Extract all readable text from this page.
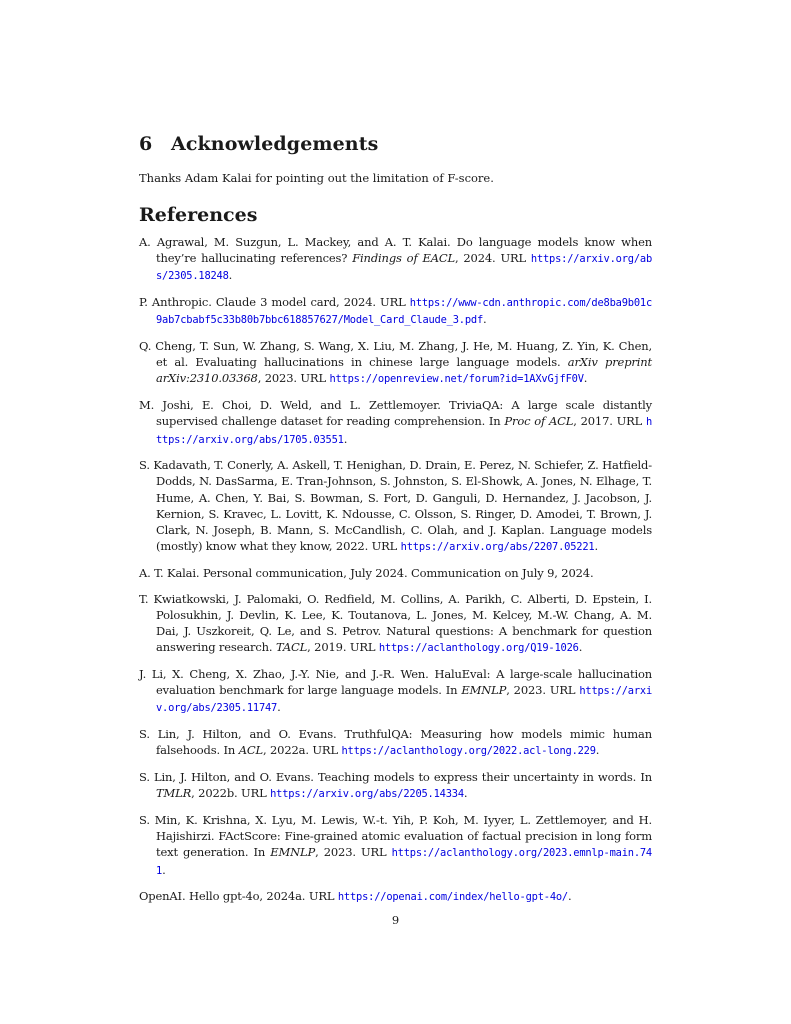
6 Acknowledgements

Thanks Adam Kalai for pointing out the limitation of F-score.

References
A. Agrawal, M. Suzgun, L. Mackey, and A. T. Kalai. Do language models know when they’re hallucinating references? Findings of EACL, 2024. URL https://arxiv.org/abs/2305.18248.
P. Anthropic. Claude 3 model card, 2024. URL https://www-cdn.anthropic.com/de8ba9b01c9ab7cbabf5c33b80b7bbc618857627/Model_Card_Claude_3.pdf.
Q. Cheng, T. Sun, W. Zhang, S. Wang, X. Liu, M. Zhang, J. He, M. Huang, Z. Yin, K. Chen, et al. Evaluating hallucinations in chinese large language models. arXiv preprint arXiv:2310.03368, 2023. URL https://openreview.net/forum?id=1AXvGjfF0V.
M. Joshi, E. Choi, D. Weld, and L. Zettlemoyer. TriviaQA: A large scale distantly supervised challenge dataset for reading comprehension. In Proc of ACL, 2017. URL https://arxiv.org/abs/1705.03551.
S. Kadavath, T. Conerly, A. Askell, T. Henighan, D. Drain, E. Perez, N. Schiefer, Z. Hatfield-Dodds, N. DasSarma, E. Tran-Johnson, S. Johnston, S. El-Showk, A. Jones, N. Elhage, T. Hume, A. Chen, Y. Bai, S. Bowman, S. Fort, D. Ganguli, D. Hernandez, J. Jacobson, J. Kernion, S. Kravec, L. Lovitt, K. Ndousse, C. Olsson, S. Ringer, D. Amodei, T. Brown, J. Clark, N. Joseph, B. Mann, S. McCandlish, C. Olah, and J. Kaplan. Language models (mostly) know what they know, 2022. URL https://arxiv.org/abs/2207.05221.
A. T. Kalai. Personal communication, July 2024. Communication on July 9, 2024.
T. Kwiatkowski, J. Palomaki, O. Redfield, M. Collins, A. Parikh, C. Alberti, D. Epstein, I. Polosukhin, J. Devlin, K. Lee, K. Toutanova, L. Jones, M. Kelcey, M.-W. Chang, A. M. Dai, J. Uszkoreit, Q. Le, and S. Petrov. Natural questions: A benchmark for question answering research. TACL, 2019. URL https://aclanthology.org/Q19-1026.
J. Li, X. Cheng, X. Zhao, J.-Y. Nie, and J.-R. Wen. HaluEval: A large-scale hallucination evaluation benchmark for large language models. In EMNLP, 2023. URL https://arxiv.org/abs/2305.11747.
S. Lin, J. Hilton, and O. Evans. TruthfulQA: Measuring how models mimic human falsehoods. In ACL, 2022a. URL https://aclanthology.org/2022.acl-long.229.
S. Lin, J. Hilton, and O. Evans. Teaching models to express their uncertainty in words. In TMLR, 2022b. URL https://arxiv.org/abs/2205.14334.
S. Min, K. Krishna, X. Lyu, M. Lewis, W.-t. Yih, P. Koh, M. Iyyer, L. Zettlemoyer, and H. Hajishirzi. FActScore: Fine-grained atomic evaluation of factual precision in long form text generation. In EMNLP, 2023. URL https://aclanthology.org/2023.emnlp-main.741.
OpenAI. Hello gpt-4o, 2024a. URL https://openai.com/index/hello-gpt-4o/.
9
